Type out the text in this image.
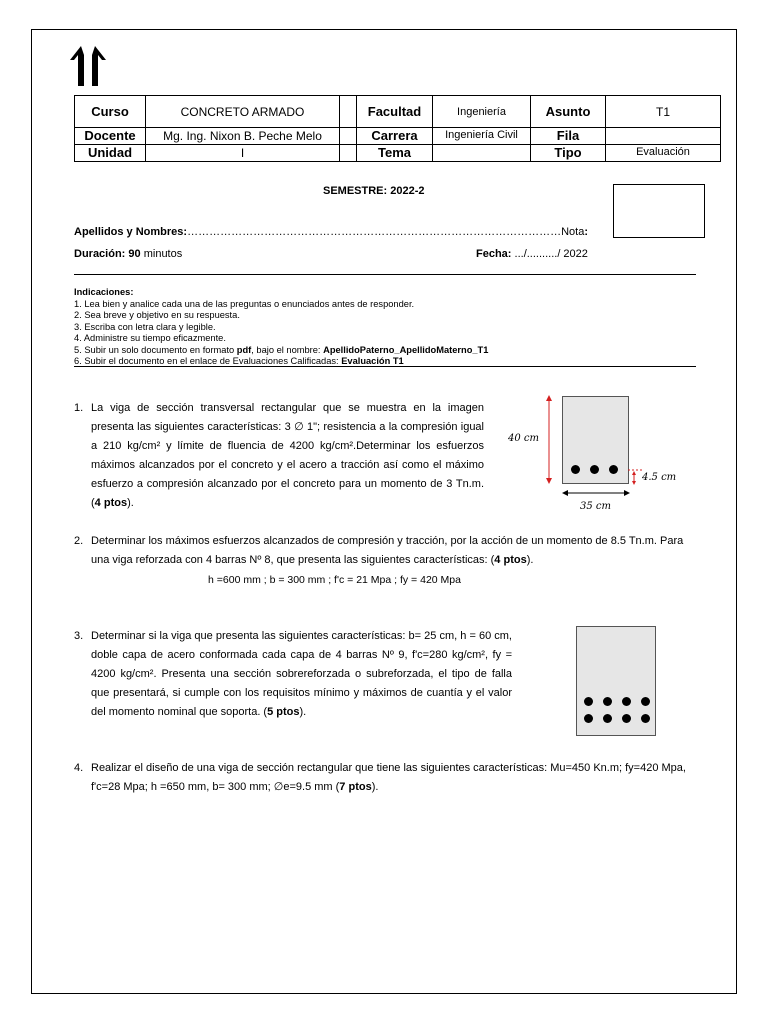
Curso	CONCRETO ARMADO		Facultad	Ingeniería	Asunto	T1
Docente	Mg. Ing. Nixon B. Peche Melo		Carrera	Ingeniería Civil	Fila	
Unidad	I		Tema		Tipo	Evaluación
SEMESTRE: 2022-2
Apellidos y Nombres:…………………………………………………………………………………………Nota:
Duración: 90 minutos	Fecha: .../........../ 2022
Indicaciones:
1. Lea bien y analice cada una de las preguntas o enunciados antes de responder.
2. Sea breve y objetivo en su respuesta.
3. Escriba con letra clara y legible.
4. Administre su tiempo eficazmente.
5. Subir un solo documento en formato pdf, bajo el nombre: ApellidoPaterno_ApellidoMaterno_T1
6. Subir el documento en el enlace de Evaluaciones Calificadas: Evaluación T1
1. La viga de sección transversal rectangular que se muestra en la imagen presenta las siguientes características: 3 ∅ 1"; resistencia a la compresión igual a 210 kg/cm² y límite de fluencia de 4200 kg/cm².Determinar los esfuerzos máximos alcanzados por el concreto y el acero a tracción así como el máximo esfuerzo a compresión alcanzado por el concreto para un momento de 3 Tn.m. (4 ptos).
40 cm
4.5 cm
35 cm
2. Determinar los máximos esfuerzos alcanzados de compresión y tracción, por la acción de un momento de 8.5 Tn.m. Para una viga reforzada con 4 barras Nº 8, que presenta las siguientes características: (4 ptos).
h =600 mm ; b = 300 mm ; f'c = 21 Mpa ; fy = 420 Mpa
3. Determinar si la viga que presenta las siguientes características: b= 25 cm, h = 60 cm, doble capa de acero conformada cada capa de 4 barras Nº 9, f'c=280 kg/cm², fy = 4200 kg/cm². Presenta una sección sobrereforzada o subreforzada, el tipo de falla que presentará, si cumple con los requisitos mínimo y máximos de cuantía y el valor del momento nominal que soporta. (5 ptos).
4. Realizar el diseño de una viga de sección rectangular que tiene las siguientes características: Mu=450 Kn.m; fy=420 Mpa, f'c=28 Mpa; h =650 mm, b= 300 mm; ∅e=9.5 mm (7 ptos).
